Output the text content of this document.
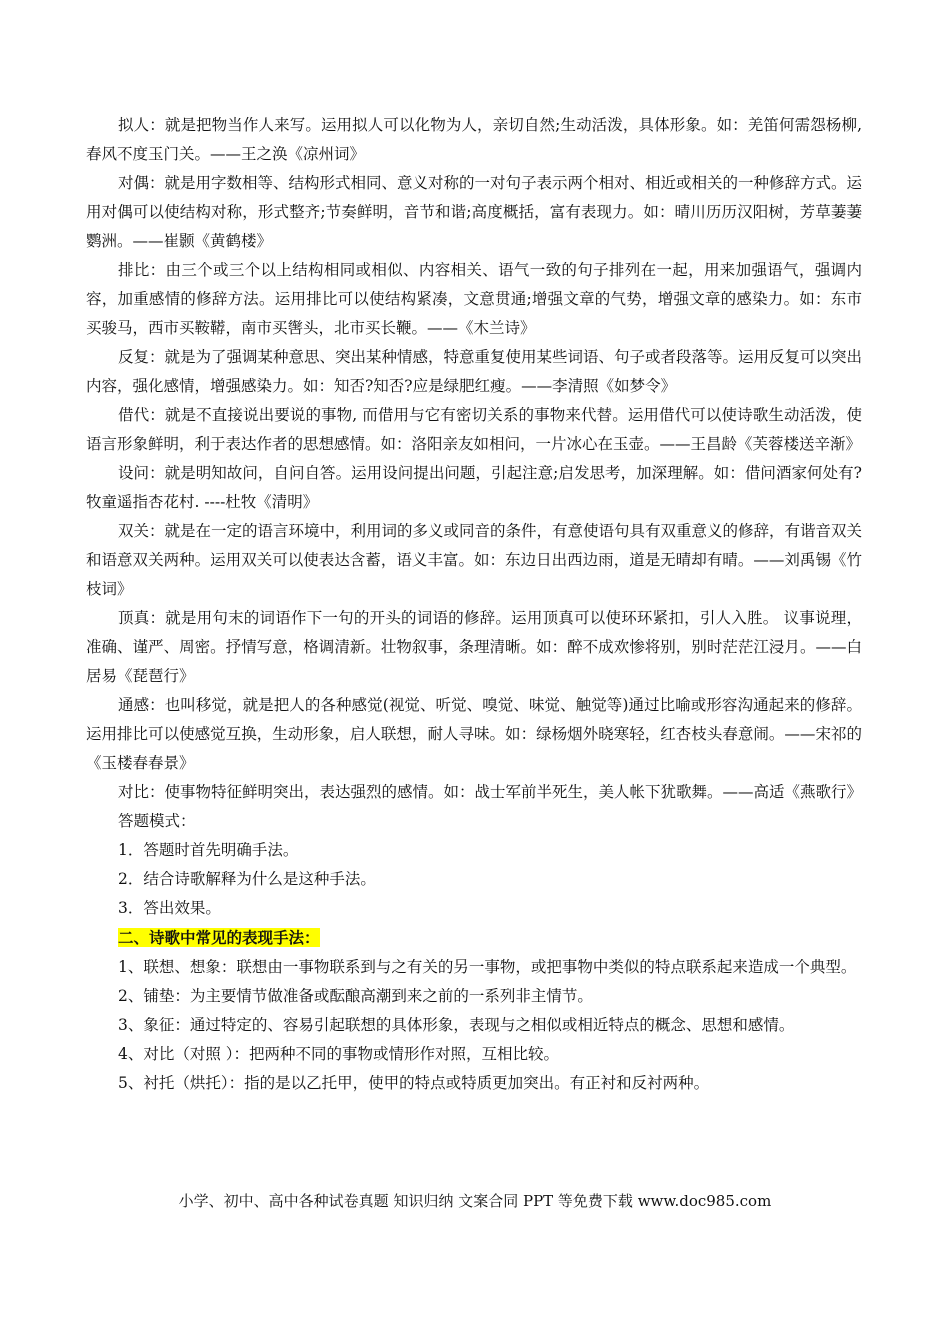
拟人：就是把物当作人来写。运用拟人可以化物为人，亲切自然;生动活泼，具体形象。如：羌笛何需怨杨柳, 春风不度玉门关。——王之涣《凉州词》

对偶：就是用字数相等、结构形式相同、意义对称的一对句子表示两个相对、相近或相关的一种修辞方式。运用对偶可以使结构对称，形式整齐;节奏鲜明，音节和谐;高度概括，富有表现力。如：晴川历历汉阳树，芳草萋萋鹦洲。——崔颢《黄鹤楼》

排比：由三个或三个以上结构相同或相似、内容相关、语气一致的句子排列在一起，用来加强语气，强调内容，加重感情的修辞方法。运用排比可以使结构紧凑，文意贯通;增强文章的气势，增强文章的感染力。如：东市买骏马，西市买鞍鞯，南市买辔头，北市买长鞭。——《木兰诗》

反复：就是为了强调某种意思、突出某种情感，特意重复使用某些词语、句子或者段落等。运用反复可以突出内容，强化感情，增强感染力。如：知否?知否?应是绿肥红瘦。——李清照《如梦令》

借代：就是不直接说出要说的事物, 而借用与它有密切关系的事物来代替。运用借代可以使诗歌生动活泼，使语言形象鲜明，利于表达作者的思想感情。如：洛阳亲友如相问，一片冰心在玉壶。——王昌龄《芙蓉楼送辛渐》

设问：就是明知故问，自问自答。运用设问提出问题，引起注意;启发思考，加深理解。如：借问酒家何处有?牧童遥指杏花村. ----杜牧《清明》

双关：就是在一定的语言环境中，利用词的多义或同音的条件，有意使语句具有双重意义的修辞，有谐音双关和语意双关两种。运用双关可以使表达含蓄，语义丰富。如：东边日出西边雨，道是无晴却有晴。——刘禹锡《竹枝词》

顶真：就是用句末的词语作下一句的开头的词语的修辞。运用顶真可以使环环紧扣，引人入胜。 议事说理，准确、谨严、周密。抒情写意，格调清新。壮物叙事，条理清晰。如：醉不成欢惨将别，别时茫茫江浸月。——白居易《琵琶行》

通感：也叫移觉，就是把人的各种感觉(视觉、听觉、嗅觉、味觉、触觉等)通过比喻或形容沟通起来的修辞。运用排比可以使感觉互换，生动形象，启人联想，耐人寻味。如：绿杨烟外晓寒轻，红杏枝头春意闹。——宋祁的《玉楼春春景》

对比：使事物特征鲜明突出，表达强烈的感情。如：战士军前半死生，美人帐下犹歌舞。——高适《燕歌行》

答题模式：

1．答题时首先明确手法。

2．结合诗歌解释为什么是这种手法。

3．答出效果。

二、诗歌中常见的表现手法：

1、联想、想象：联想由一事物联系到与之有关的另一事物，或把事物中类似的特点联系起来造成一个典型。

2、铺垫：为主要情节做准备或酝酿高潮到来之前的一系列非主情节。

3、象征：通过特定的、容易引起联想的具体形象，表现与之相似或相近特点的概念、思想和感情。

4、对比（对照 ）：把两种不同的事物或情形作对照，互相比较。

5、衬托（烘托）：指的是以乙托甲，使甲的特点或特质更加突出。有正衬和反衬两种。

小学、初中、高中各种试卷真题 知识归纳 文案合同 PPT 等免费下载 www.doc985.com
